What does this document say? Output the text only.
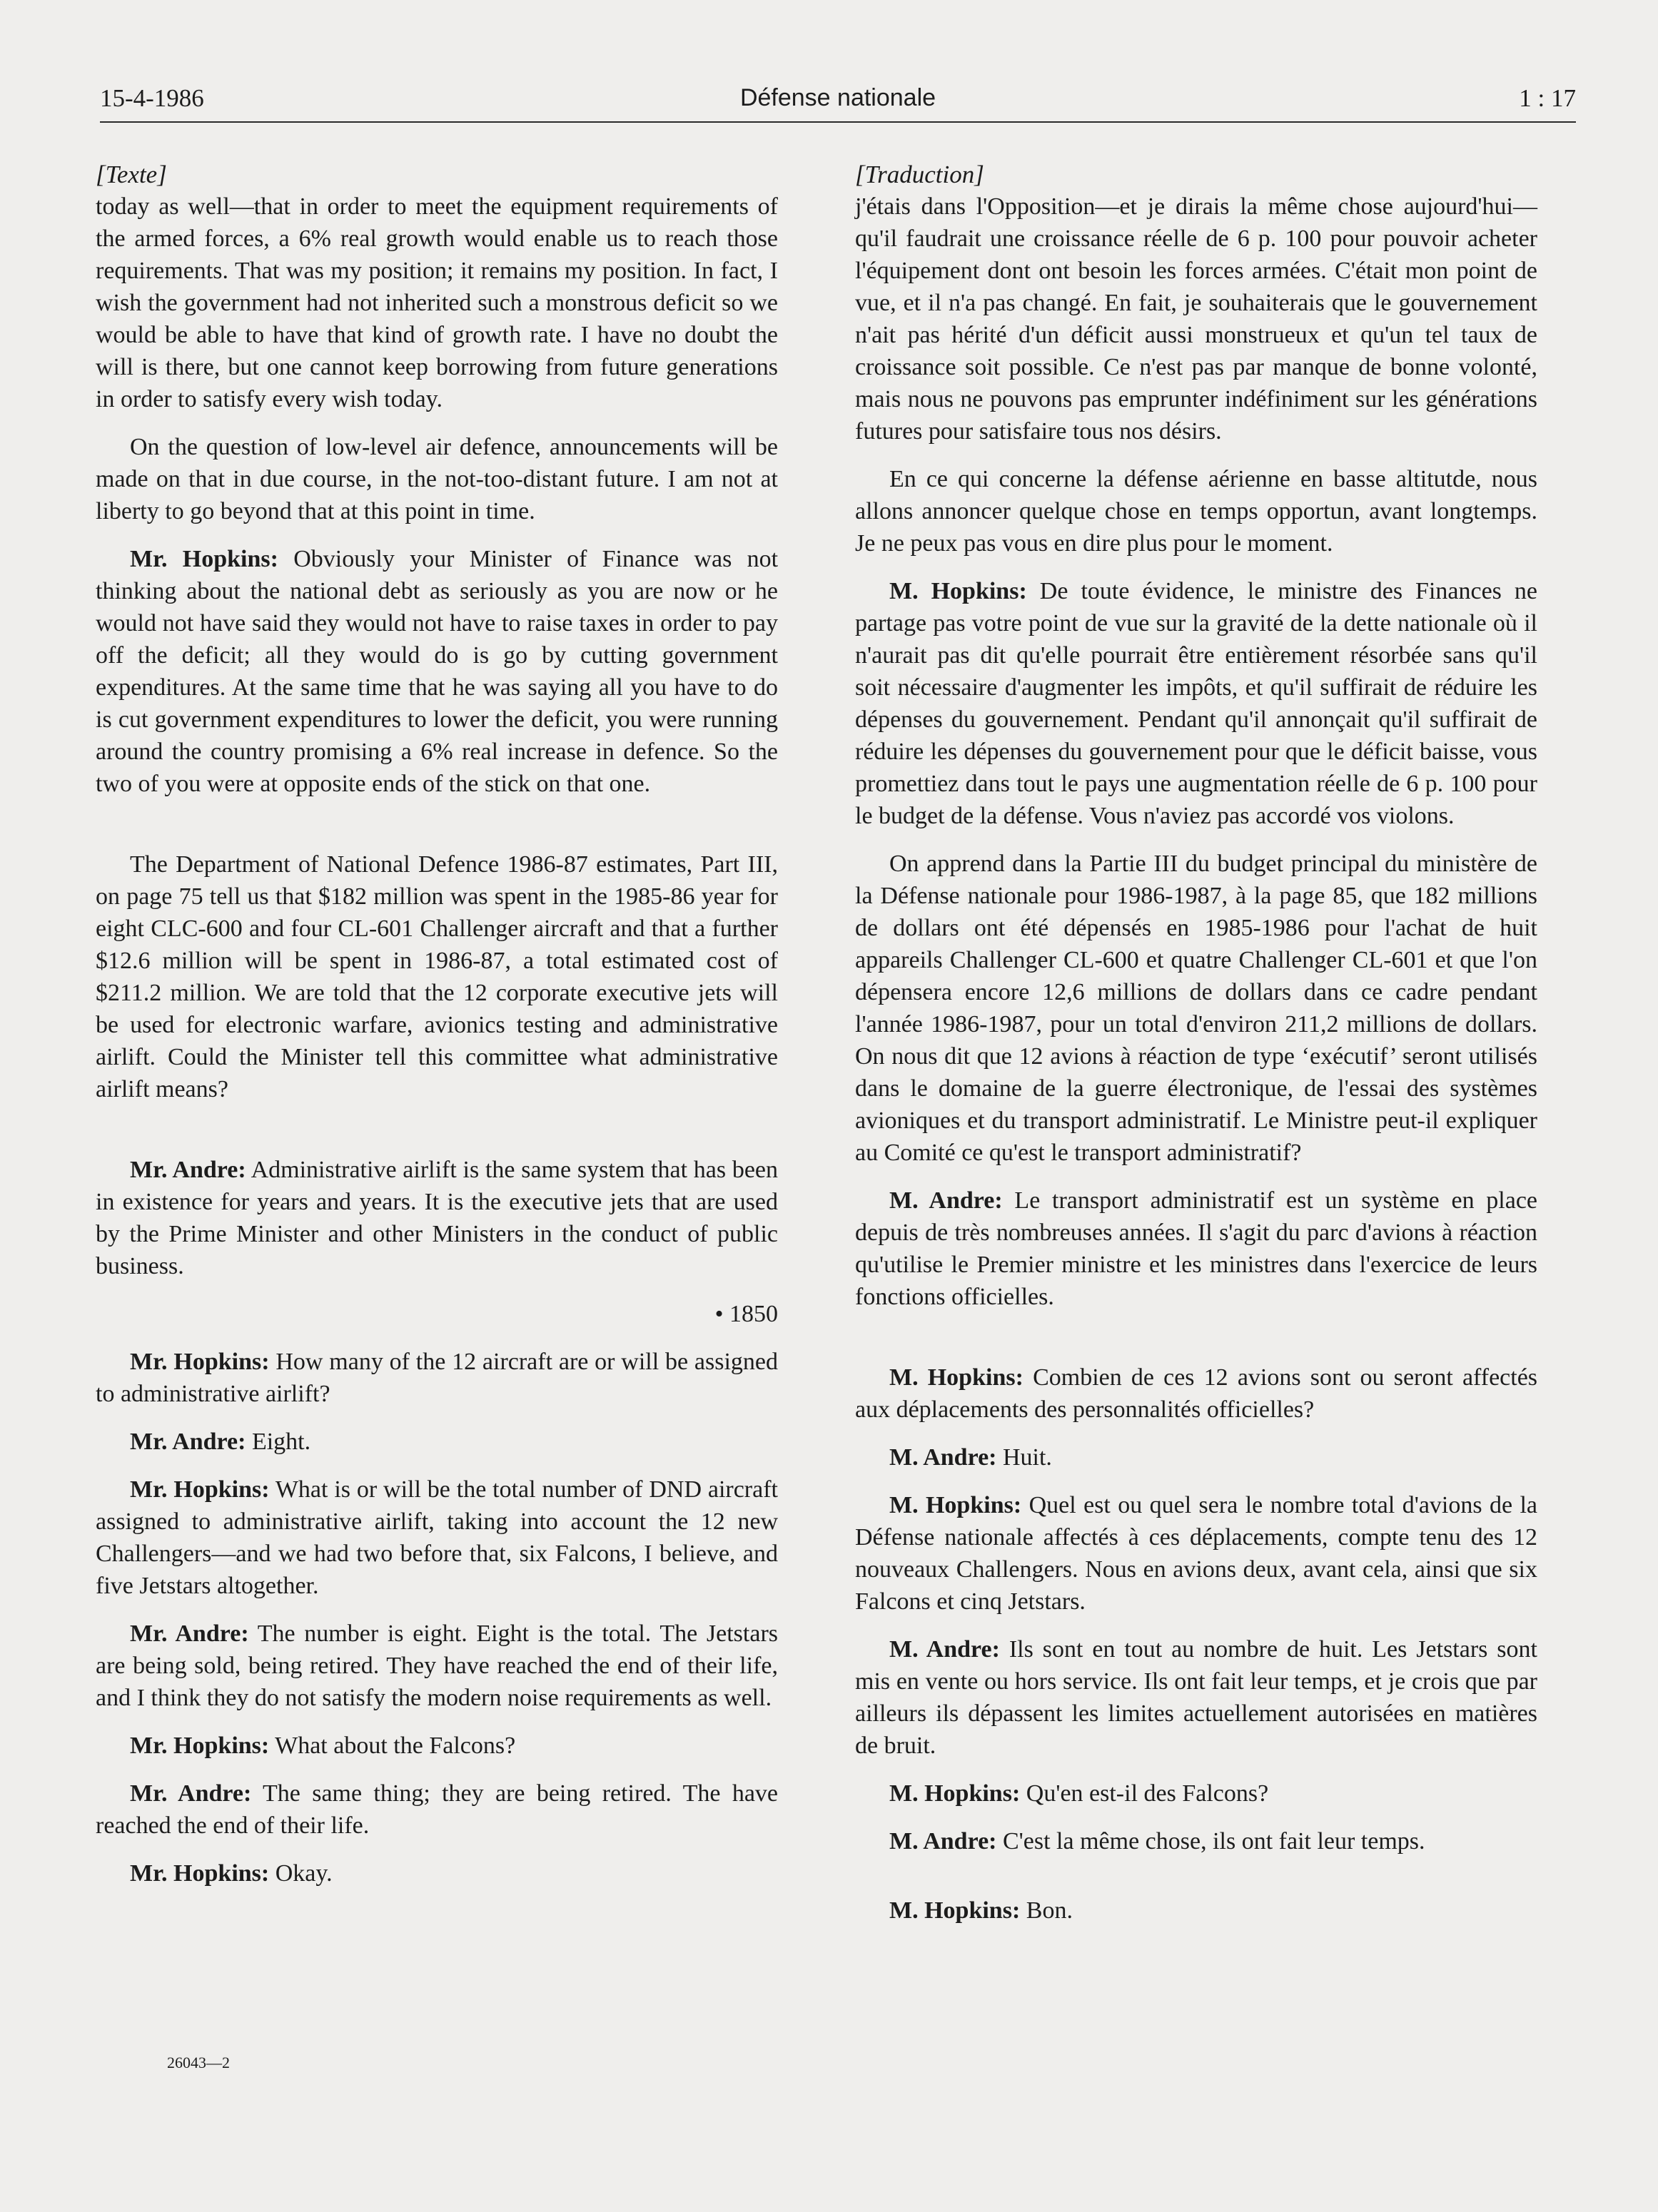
15-4-1986	Défense nationale	1 : 17

[Texte]

today as well—that in order to meet the equipment requirements of the armed forces, a 6% real growth would enable us to reach those requirements. That was my position; it remains my position. In fact, I wish the government had not inherited such a monstrous deficit so we would be able to have that kind of growth rate. I have no doubt the will is there, but one cannot keep borrowing from future generations in order to satisfy every wish today.

On the question of low-level air defence, announcements will be made on that in due course, in the not-too-distant future. I am not at liberty to go beyond that at this point in time.

Mr. Hopkins: Obviously your Minister of Finance was not thinking about the national debt as seriously as you are now or he would not have said they would not have to raise taxes in order to pay off the deficit; all they would do is go by cutting government expenditures. At the same time that he was saying all you have to do is cut government expenditures to lower the deficit, you were running around the country promising a 6% real increase in defence. So the two of you were at opposite ends of the stick on that one.

The Department of National Defence 1986-87 estimates, Part III, on page 75 tell us that $182 million was spent in the 1985-86 year for eight CLC-600 and four CL-601 Challenger aircraft and that a further $12.6 million will be spent in 1986-87, a total estimated cost of $211.2 million. We are told that the 12 corporate executive jets will be used for electronic warfare, avionics testing and administrative airlift. Could the Minister tell this committee what administrative airlift means?

Mr. Andre: Administrative airlift is the same system that has been in existence for years and years. It is the executive jets that are used by the Prime Minister and other Ministers in the conduct of public business.

• 1850

Mr. Hopkins: How many of the 12 aircraft are or will be assigned to administrative airlift?

Mr. Andre: Eight.

Mr. Hopkins: What is or will be the total number of DND aircraft assigned to administrative airlift, taking into account the 12 new Challengers—and we had two before that, six Falcons, I believe, and five Jetstars altogether.

Mr. Andre: The number is eight. Eight is the total. The Jetstars are being sold, being retired. They have reached the end of their life, and I think they do not satisfy the modern noise requirements as well.

Mr. Hopkins: What about the Falcons?

Mr. Andre: The same thing; they are being retired. The have reached the end of their life.

Mr. Hopkins: Okay.

[Traduction]

j'étais dans l'Opposition—et je dirais la même chose aujourd'hui—qu'il faudrait une croissance réelle de 6 p. 100 pour pouvoir acheter l'équipement dont ont besoin les forces armées. C'était mon point de vue, et il n'a pas changé. En fait, je souhaiterais que le gouvernement n'ait pas hérité d'un déficit aussi monstrueux et qu'un tel taux de croissance soit possible. Ce n'est pas par manque de bonne volonté, mais nous ne pouvons pas emprunter indéfiniment sur les générations futures pour satisfaire tous nos désirs.

En ce qui concerne la défense aérienne en basse altitutde, nous allons annoncer quelque chose en temps opportun, avant longtemps. Je ne peux pas vous en dire plus pour le moment.

M. Hopkins: De toute évidence, le ministre des Finances ne partage pas votre point de vue sur la gravité de la dette nationale où il n'aurait pas dit qu'elle pourrait être entièrement résorbée sans qu'il soit nécessaire d'augmenter les impôts, et qu'il suffirait de réduire les dépenses du gouvernement. Pendant qu'il annonçait qu'il suffirait de réduire les dépenses du gouvernement pour que le déficit baisse, vous promettiez dans tout le pays une augmentation réelle de 6 p. 100 pour le budget de la défense. Vous n'aviez pas accordé vos violons.

On apprend dans la Partie III du budget principal du ministère de la Défense nationale pour 1986-1987, à la page 85, que 182 millions de dollars ont été dépensés en 1985-1986 pour l'achat de huit appareils Challenger CL-600 et quatre Challenger CL-601 et que l'on dépensera encore 12,6 millions de dollars dans ce cadre pendant l'année 1986-1987, pour un total d'environ 211,2 millions de dollars. On nous dit que 12 avions à réaction de type ‘exécutif’ seront utilisés dans le domaine de la guerre électronique, de l'essai des systèmes avioniques et du transport administratif. Le Ministre peut-il expliquer au Comité ce qu'est le transport administratif?

M. Andre: Le transport administratif est un système en place depuis de très nombreuses années. Il s'agit du parc d'avions à réaction qu'utilise le Premier ministre et les ministres dans l'exercice de leurs fonctions officielles.

M. Hopkins: Combien de ces 12 avions sont ou seront affectés aux déplacements des personnalités officielles?

M. Andre: Huit.

M. Hopkins: Quel est ou quel sera le nombre total d'avions de la Défense nationale affectés à ces déplacements, compte tenu des 12 nouveaux Challengers. Nous en avions deux, avant cela, ainsi que six Falcons et cinq Jetstars.

M. Andre: Ils sont en tout au nombre de huit. Les Jetstars sont mis en vente ou hors service. Ils ont fait leur temps, et je crois que par ailleurs ils dépassent les limites actuellement autorisées en matières de bruit.

M. Hopkins: Qu'en est-il des Falcons?

M. Andre: C'est la même chose, ils ont fait leur temps.

M. Hopkins: Bon.

26043—2
